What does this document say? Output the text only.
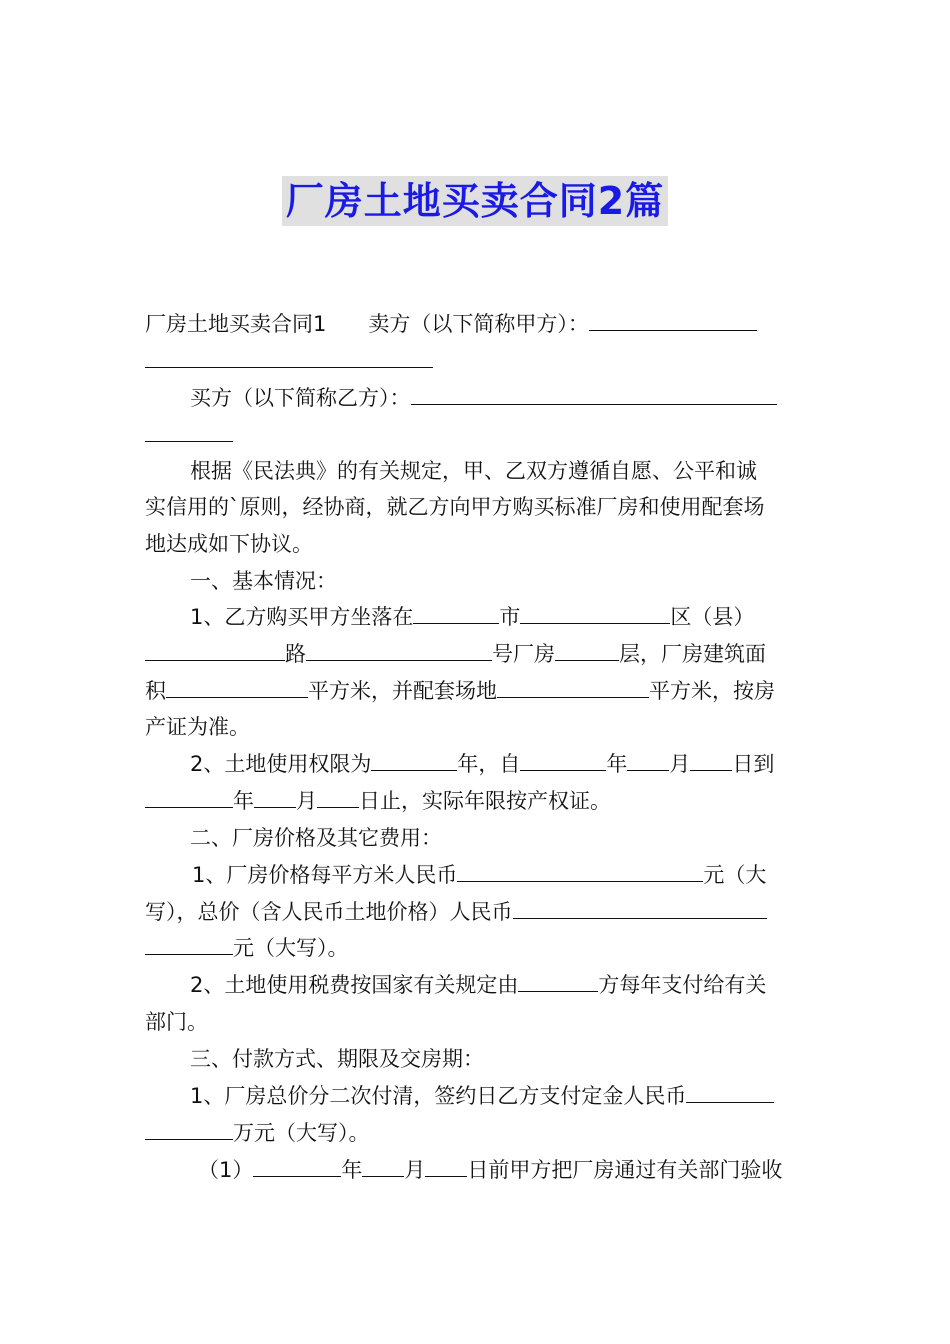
厂房土地买卖合同2篇
厂房土地买卖合同1　　卖方（以下简称甲方）：
买方（以下简称乙方）：
根据《民法典》的有关规定，甲、乙双方遵循自愿、公平和诚
实信用的`原则，经协商，就乙方向甲方购买标准厂房和使用配套场
地达成如下协议。
一、基本情况：
1、乙方购买甲方坐落在	市	区（县）
路	号厂房	层，厂房建筑面
积	平方米，并配套场地	平方米，按房
产证为准。
2、土地使用权限为	年，自	年 月 日到
年 月 日止，实际年限按产权证。
二、厂房价格及其它费用：
1、厂房价格每平方米人民币	元（大
写），总价（含人民币土地价格）人民币
元（大写）。
2、土地使用税费按国家有关规定由	方每年支付给有关
部门。
三、付款方式、期限及交房期：
1、厂房总价分二次付清，签约日乙方支付定金人民币
万元（大写）。
（1）	年 月 日前甲方把厂房通过有关部门验收
